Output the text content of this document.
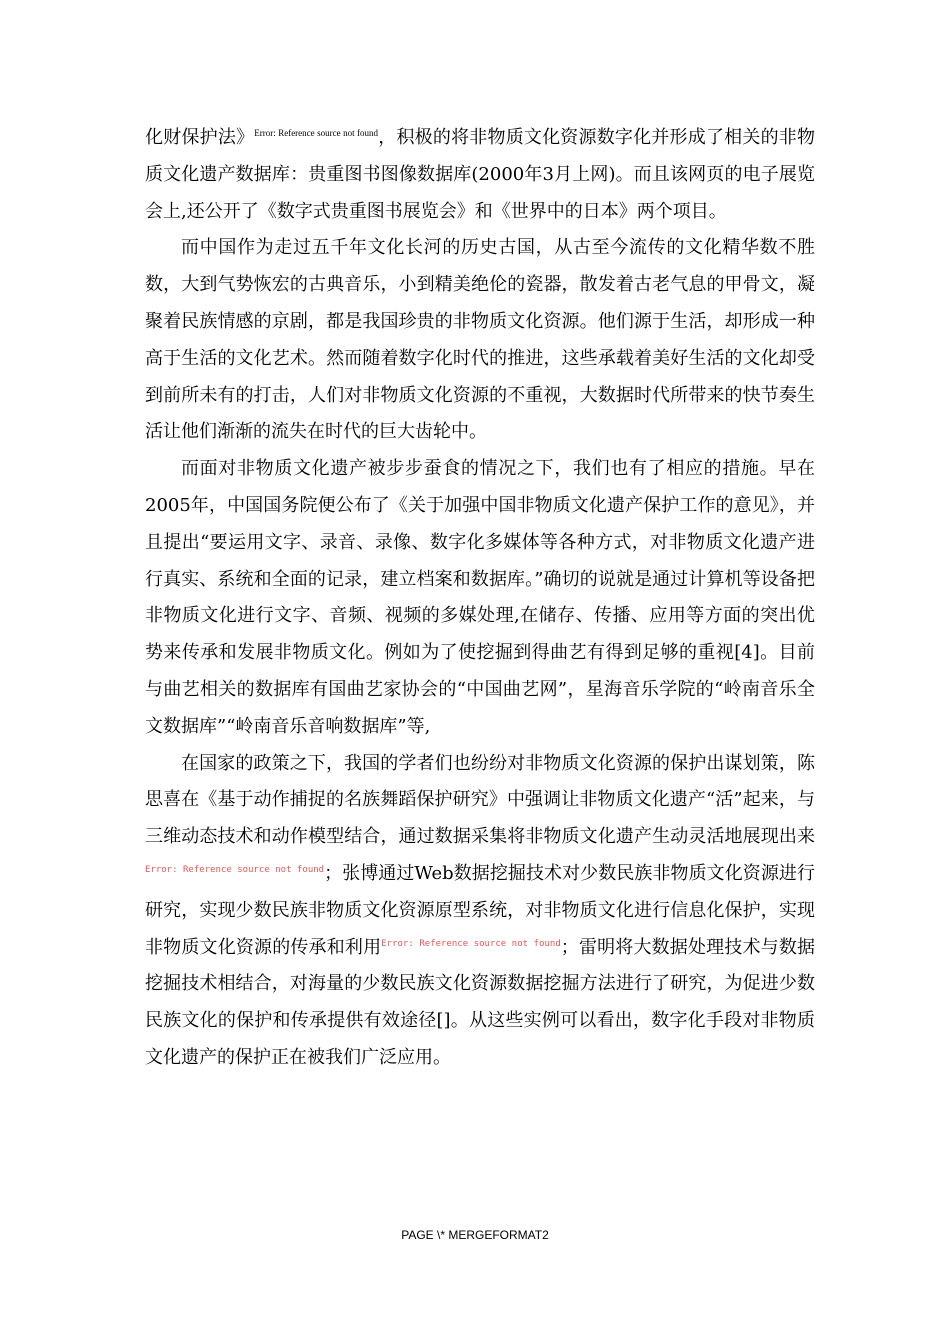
化财保护法》$^{Error: Reference source not found}$，积极的将非物质文化资源数字化并形成了相关的非物质文化遗产数据库：贵重图书图像数据库(2000年3月上网)。而且该网页的电子展览会上,还公开了《数字式贵重图书展览会》和《世界中的日本》两个项目。

而中国作为走过五千年文化长河的历史古国，从古至今流传的文化精华数不胜数，大到气势恢宏的古典音乐，小到精美绝伦的瓷器，散发着古老气息的甲骨文，凝聚着民族情感的京剧，都是我国珍贵的非物质文化资源。他们源于生活，却形成一种高于生活的文化艺术。然而随着数字化时代的推进，这些承载着美好生活的文化却受到前所未有的打击，人们对非物质文化资源的不重视，大数据时代所带来的快节奏生活让他们渐渐的流失在时代的巨大齿轮中。

而面对非物质文化遗产被步步蚕食的情况之下，我们也有了相应的措施。早在2005年，中国国务院便公布了《关于加强中国非物质文化遗产保护工作的意见》，并且提出“要运用文字、录音、录像、数字化多媒体等各种方式，对非物质文化遗产进行真实、系统和全面的记录，建立档案和数据库。”确切的说就是通过计算机等设备把非物质文化进行文字、音频、视频的多媒处理,在储存、传播、应用等方面的突出优势来传承和发展非物质文化。例如为了使挖掘到得曲艺有得到足够的重视[4]。目前与曲艺相关的数据库有国曲艺家协会的“中国曲艺网”，星海音乐学院的“岭南音乐全文数据库”“岭南音乐音响数据库”等,

在国家的政策之下，我国的学者们也纷纷对非物质文化资源的保护出谋划策，陈思喜在《基于动作捕捉的名族舞蹈保护研究》中强调让非物质文化遗产“活”起来，与三维动态技术和动作模型结合，通过数据采集将非物质文化遗产生动灵活地展现出来$^{Error: Reference source not found}$；张博通过Web数据挖掘技术对少数民族非物质文化资源进行研究，实现少数民族非物质文化资源原型系统，对非物质文化进行信息化保护，实现非物质文化资源的传承和利用$^{Error: Reference source not found}$；雷明将大数据处理技术与数据挖掘技术相结合，对海量的少数民族文化资源数据挖掘方法进行了研究，为促进少数民族文化的保护和传承提供有效途径[]。从这些实例可以看出，数字化手段对非物质文化遗产的保护正在被我们广泛应用。

PAGE \* MERGEFORMAT2
